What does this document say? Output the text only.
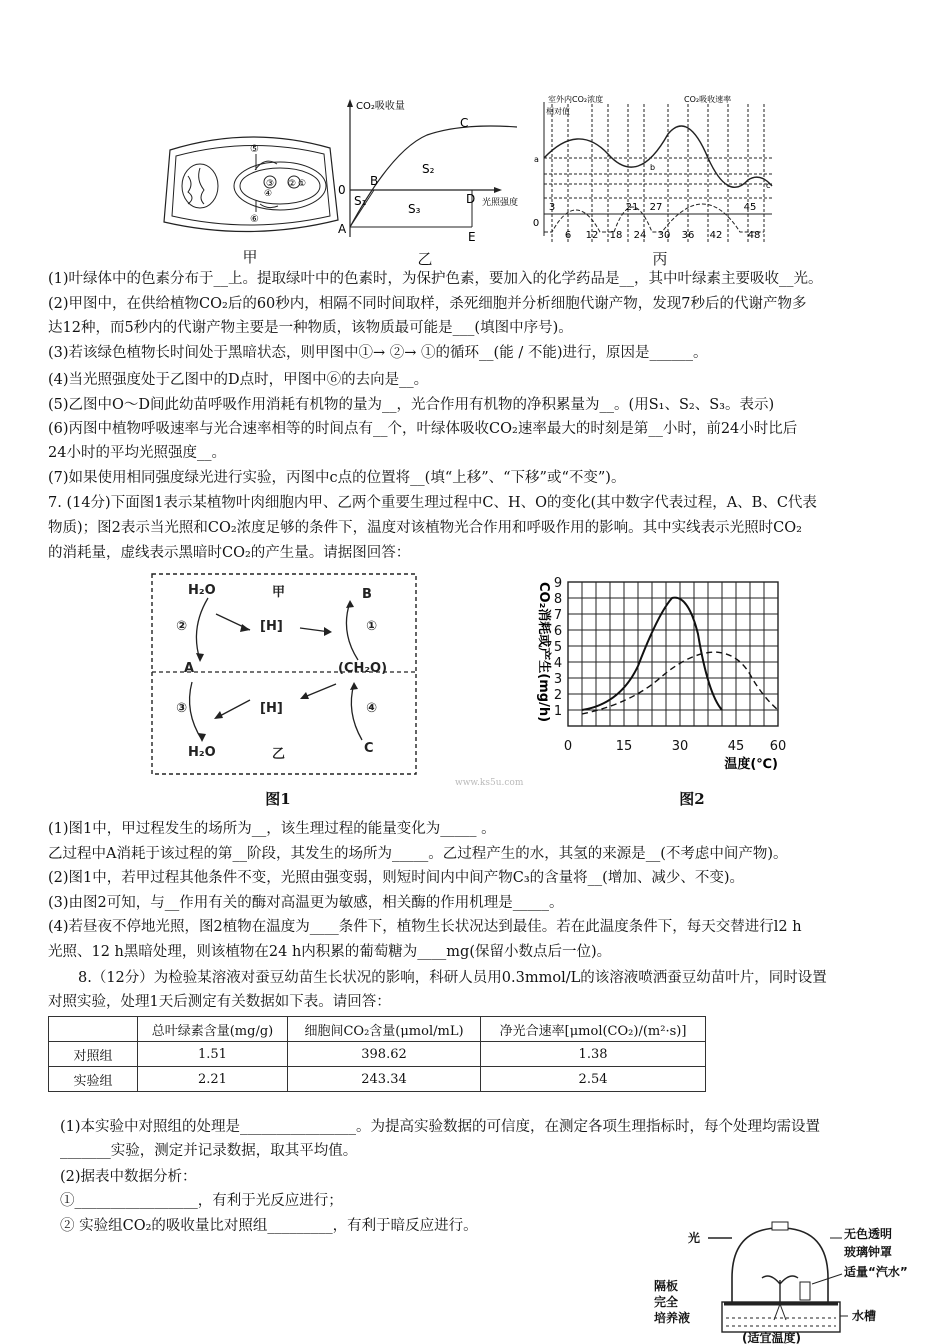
⑤
⑥
④
③ ② ①
CO₂吸收量
光照强度
0
A
B
C
D
E
S₁
S₂
S₃
室外内CO₂浓度	CO₂吸收速率
相对值
a
b
c
0
6 12 18 24 30 36 42	48
3	21 27	45
甲	乙	丙
(1)叶绿体中的色素分布于__上。提取绿叶中的色素时，为保护色素，要加入的化学药品是__，其中叶绿素主要吸收__光。
(2)甲图中，在供给植物CO₂后的60秒内，相隔不同时间取样，杀死细胞并分析细胞代谢产物，发现7秒后的代谢产物多
达12种，而5秒内的代谢产物主要是一种物质，该物质最可能是___(填图中序号)。
(3)若该绿色植物长时间处于黑暗状态，则甲图中①→ ②→ ①的循环__(能 / 不能)进行，原因是______。
(4)当光照强度处于乙图中的D点时，甲图中⑥的去向是__。
(5)乙图中O～D间此幼苗呼吸作用消耗有机物的量为__，光合作用有机物的净积累量为__。(用S₁、S₂、S₃。表示)
(6)丙图中植物呼吸速率与光合速率相等的时间点有__个，叶绿体吸收CO₂速率最大的时刻是第__小时，前24小时比后
24小时的平均光照强度__。
(7)如果使用相同强度绿光进行实验，丙图中c点的位置将__(填“上移”、“下移”或“不变”)。
7. (14分)下面图1表示某植物叶肉细胞内甲、乙两个重要生理过程中C、H、O的变化(其中数字代表过程，A、B、C代表
物质)；图2表示当光照和CO₂浓度足够的条件下，温度对该植物光合作用和呼吸作用的影响。其中实线表示光照时CO₂
的消耗量，虚线表示黑暗时CO₂的产生量。请据图回答：
H₂O	甲	B
②	[H]	①
A	(CH₂O)
③	[H]	④
H₂O	乙	C
图1
www.ks5u.com
9
8
7
6
5
4
3
2
1
0	15	30	45 60
温度(℃)
CO₂消耗或产生(mg/h)
图2
(1)图1中，甲过程发生的场所为__，该生理过程的能量变化为_____ 。
乙过程中A消耗于该过程的第__阶段，其发生的场所为_____。乙过程产生的水，其氢的来源是__(不考虑中间产物)。
(2)图1中，若甲过程其他条件不变，光照由强变弱，则短时间内中间产物C₃的含量将__(增加、减少、不变)。
(3)由图2可知，与__作用有关的酶对高温更为敏感，相关酶的作用机理是_____。
(4)若昼夜不停地光照，图2植物在温度为____条件下，植物生长状况达到最佳。若在此温度条件下，每天交替进行l2 h
光照、12 h黑暗处理，则该植物在24 h内积累的葡萄糖为____mg(保留小数点后一位)。
8.（12分）为检验某溶液对蚕豆幼苗生长状况的影响，科研人员用0.3mmol/L的该溶液喷洒蚕豆幼苗叶片，同时设置
对照实验，处理1天后测定有关数据如下表。请回答：
	总叶绿素含量(mg/g)	细胞间CO₂含量(μmol/mL)	净光合速率[μmol(CO₂)/(m²·s)]
对照组	1.51	398.62	1.38
实验组	2.21	243.34	2.54
(1)本实验中对照组的处理是________________。为提高实验数据的可信度，在测定各项生理指标时，每个处理均需设置
_______实验，测定并记录数据，取其平均值。
(2)据表中数据分析：
①_________________，有利于光反应进行；
② 实验组CO₂的吸收量比对照组_________，有利于暗反应进行。
光	无色透明
玻璃钟罩
适量“汽水”
隔板
完全
培养液	水槽
(适宜温度)
